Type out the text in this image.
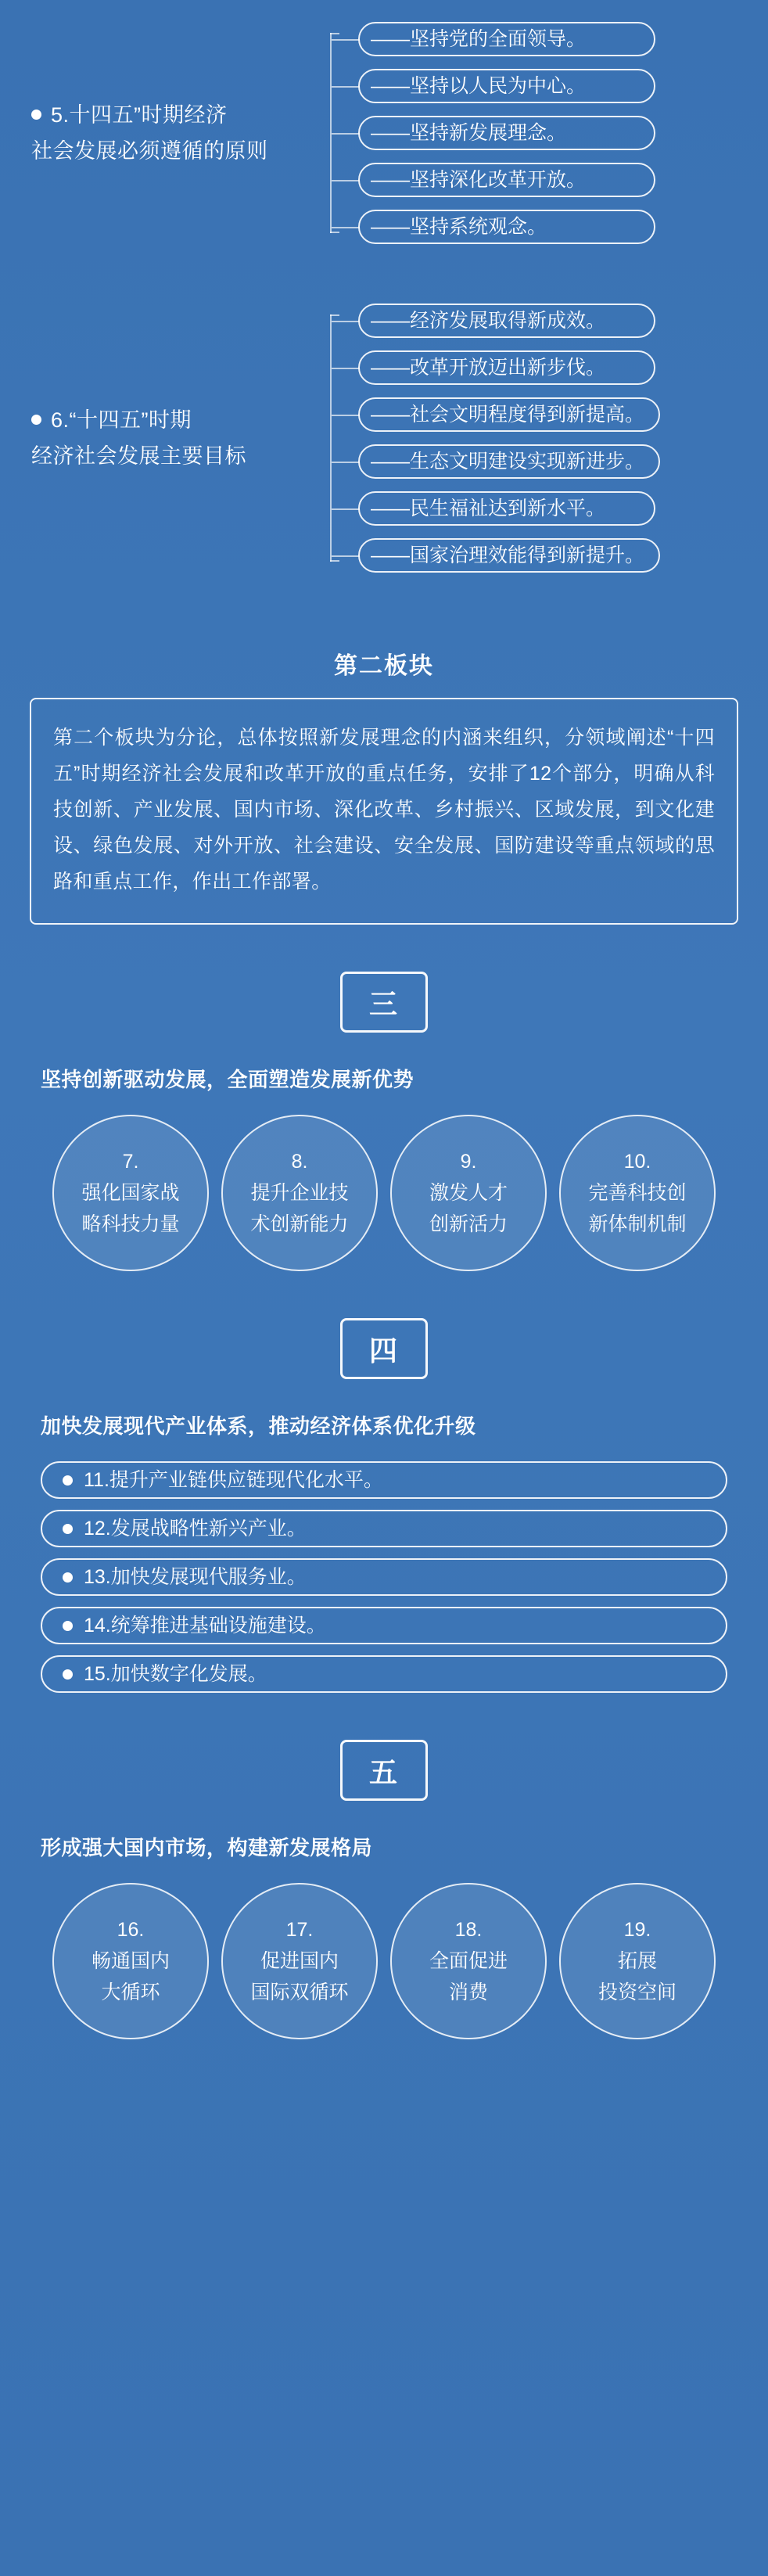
5.十四五”时期经济
社会发展必须遵循的原则
——坚持党的全面领导。 ——坚持以人民为中心。 ——坚持新发展理念。 ——坚持深化改革开放。 ——坚持系统观念。
6.“十四五”时期
经济社会发展主要目标
——经济发展取得新成效。 ——改革开放迈出新步伐。 ——社会文明程度得到新提高。 ——生态文明建设实现新进步。 ——民生福祉达到新水平。 ——国家治理效能得到新提升。
第二板块
第二个板块为分论，总体按照新发展理念的内涵来组织，分领域阐述“十四五”时期经济社会发展和改革开放的重点任务，安排了12个部分，明确从科技创新、产业发展、国内市场、深化改革、乡村振兴、区域发展，到文化建设、绿色发展、对外开放、社会建设、安全发展、国防建设等重点领域的思路和重点工作，作出工作部署。
三
坚持创新驱动发展，全面塑造发展新优势
7.
强化国家战
略科技力量
8.
提升企业技
术创新能力
9.
激发人才
创新活力
10.
完善科技创
新体制机制
四
加快发展现代产业体系，推动经济体系优化升级
11.提升产业链供应链现代化水平。
12.发展战略性新兴产业。
13.加快发展现代服务业。
14.统筹推进基础设施建设。
15.加快数字化发展。
五
形成强大国内市场，构建新发展格局
16.
畅通国内
大循环
17.
促进国内
国际双循环
18.
全面促进
消费
19.
拓展
投资空间
